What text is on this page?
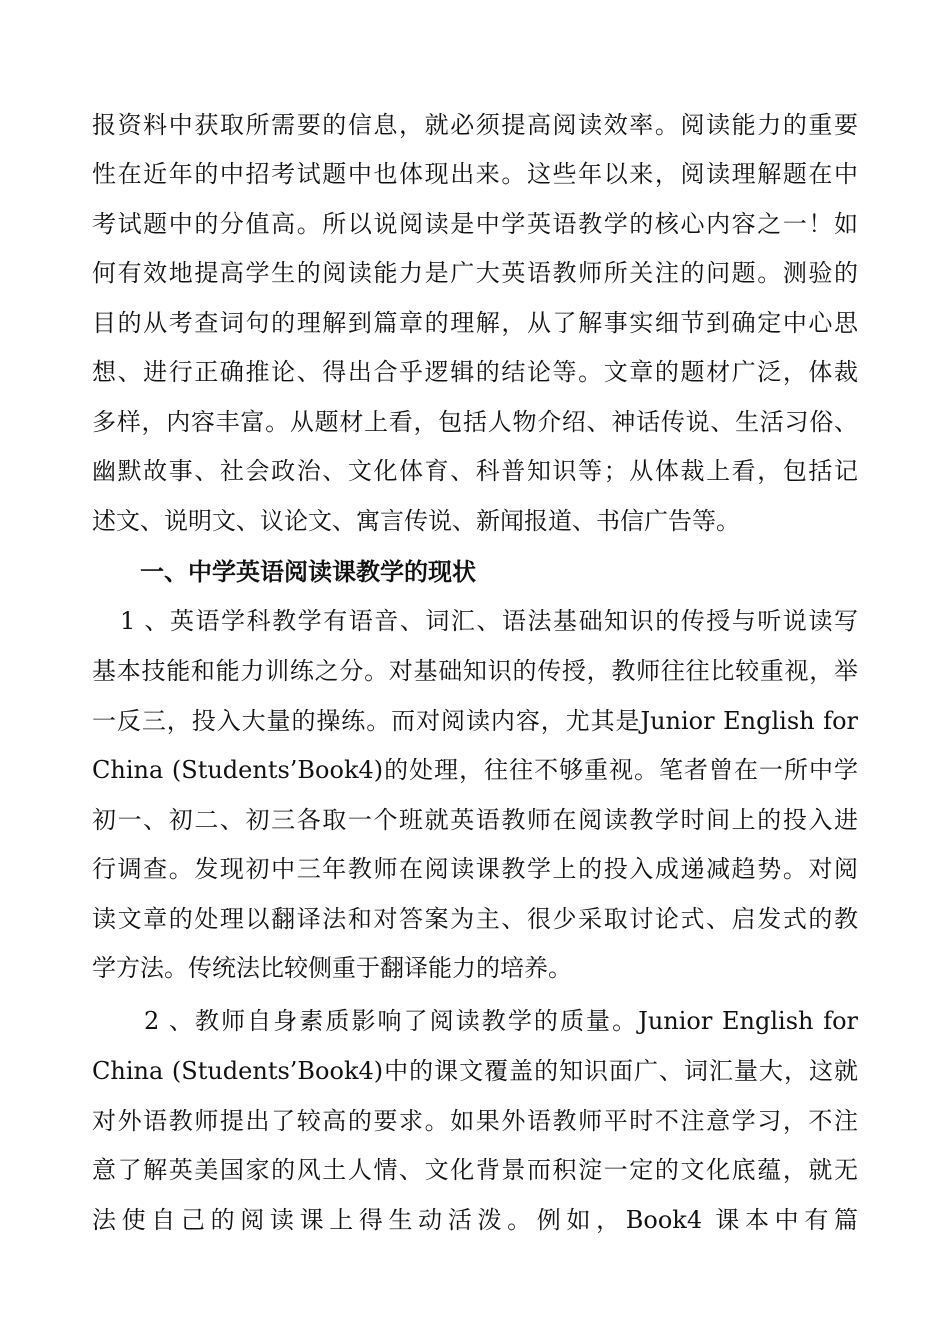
报资料中获取所需要的信息，就必须提高阅读效率。阅读能力的重要
性在近年的中招考试题中也体现出来。这些年以来，阅读理解题在中
考试题中的分值高。所以说阅读是中学英语教学的核心内容之一！如
何有效地提高学生的阅读能力是广大英语教师所关注的问题。测验的
目的从考查词句的理解到篇章的理解，从了解事实细节到确定中心思
想、进行正确推论、得出合乎逻辑的结论等。文章的题材广泛，体裁
多样，内容丰富。从题材上看，包括人物介绍、神话传说、生活习俗、
幽默故事、社会政治、文化体育、科普知识等；从体裁上看，包括记
述文、说明文、议论文、寓言传说、新闻报道、书信广告等。
一、中学英语阅读课教学的现状
1 、英语学科教学有语音、词汇、语法基础知识的传授与听说读写
基本技能和能力训练之分。对基础知识的传授，教师往往比较重视，举
一反三，投入大量的操练。而对阅读内容，尤其是Junior English for
China (Students’Book4)的处理，往往不够重视。笔者曾在一所中学
初一、初二、初三各取一个班就英语教师在阅读教学时间上的投入进
行调查。发现初中三年教师在阅读课教学上的投入成递减趋势。对阅
读文章的处理以翻译法和对答案为主、很少采取讨论式、启发式的教
学方法。传统法比较侧重于翻译能力的培养。
2 、教师自身素质影响了阅读教学的质量。Junior English for
China (Students’Book4)中的课文覆盖的知识面广、词汇量大，这就
对外语教师提出了较高的要求。如果外语教师平时不注意学习，不注
意了解英美国家的风土人情、文化背景而积淀一定的文化底蕴，就无
法使自己的阅读课上得生动活泼。例如，Book4 课本中有篇
